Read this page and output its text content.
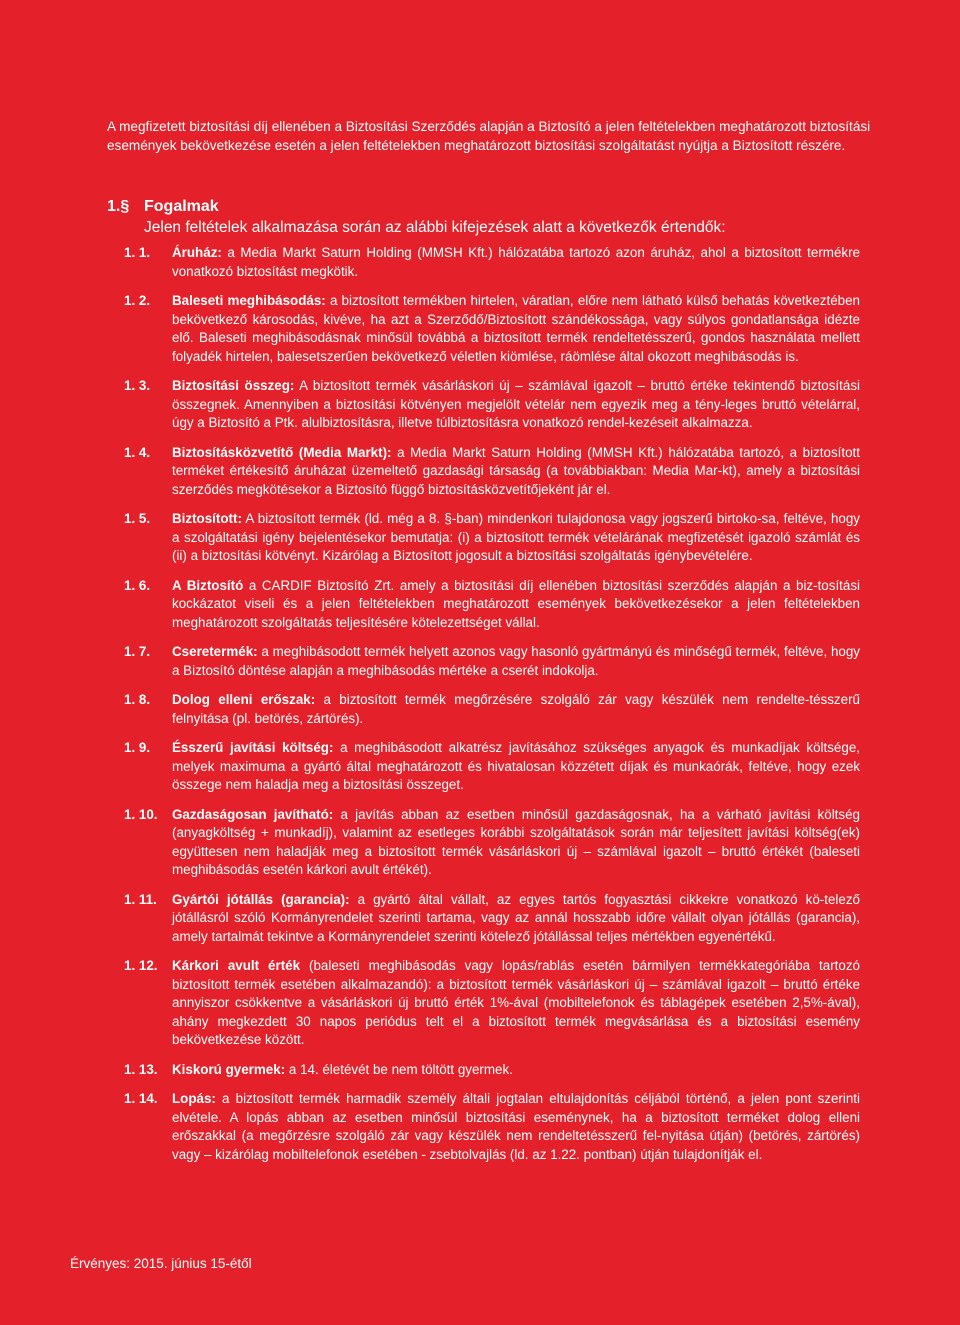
A megfizetett biztosítási díj ellenében a Biztosítási Szerződés alapján a Biztosító a jelen feltételekben meghatározott biztosítási események bekövetkezése esetén a jelen feltételekben meghatározott biztosítási szolgáltatást nyújtja a Biztosított részére.

1.§ Fogalmak
Jelen feltételek alkalmazása során az alábbi kifejezések alatt a következők értendők:
1. 1.	Áruház: a Media Markt Saturn Holding (MMSH Kft.) hálózatába tartozó azon áruház, ahol a biztosított termékre vonatkozó biztosítást megkötik.
1. 2.	Baleseti meghibásodás: a biztosított termékben hirtelen, váratlan, előre nem látható külső behatás következtében bekövetkező károsodás, kivéve, ha azt a Szerződő/Biztosított szándékossága, vagy súlyos gondatlansága idézte elő. Baleseti meghibásodásnak minősül továbbá a biztosított termék rendeltetésszerű, gondos használata mellett folyadék hirtelen, balesetszerűen bekövetkező véletlen kiömlése, ráömlése által okozott meghibásodás is.
1. 3.	Biztosítási összeg: A biztosított termék vásárláskori új – számlával igazolt – bruttó értéke tekintendő biztosítási összegnek. Amennyiben a biztosítási kötvényen megjelölt vételár nem egyezik meg a tény-leges bruttó vételárral, úgy a Biztosító a Ptk. alulbiztosításra, illetve túlbiztosításra vonatkozó rendel-kezéseit alkalmazza.
1. 4.	Biztosításközvetítő (Media Markt): a Media Markt Saturn Holding (MMSH Kft.) hálózatába tartozó, a biztosított terméket értékesítő áruházat üzemeltető gazdasági társaság (a továbbiakban: Media Mar-kt), amely a biztosítási szerződés megkötésekor a Biztosító függő biztosításközvetítőjeként jár el.
1. 5.	Biztosított: A biztosított termék (ld. még a 8. §-ban) mindenkori tulajdonosa vagy jogszerű birtoko-sa, feltéve, hogy a szolgáltatási igény bejelentésekor bemutatja: (i) a biztosított termék vételárának megfizetését igazoló számlát és (ii) a biztosítási kötvényt. Kizárólag a Biztosított jogosult a biztosítási szolgáltatás igénybevételére.
1. 6.	A Biztosító a CARDIF Biztosító Zrt. amely a biztosítási díj ellenében biztosítási szerződés alapján a biz-tosítási kockázatot viseli és a jelen feltételekben meghatározott események bekövetkezésekor a jelen feltételekben meghatározott szolgáltatás teljesítésére kötelezettséget vállal.
1. 7.	Cseretermék: a meghibásodott termék helyett azonos vagy hasonló gyártmányú és minőségű termék, feltéve, hogy a Biztosító döntése alapján a meghibásodás mértéke a cserét indokolja.
1. 8.	Dolog elleni erőszak: a biztosított termék megőrzésére szolgáló zár vagy készülék nem rendelte-tésszerű felnyitása (pl. betörés, zártörés).
1. 9.	Ésszerű javítási költség: a meghibásodott alkatrész javításához szükséges anyagok és munkadíjak költsége, melyek maximuma a gyártó által meghatározott és hivatalosan közzétett díjak és munkaórák, feltéve, hogy ezek összege nem haladja meg a biztosítási összeget.
1. 10.	Gazdaságosan javítható: a javítás abban az esetben minősül gazdaságosnak, ha a várható javítási költség (anyagköltség + munkadíj), valamint az esetleges korábbi szolgáltatások során már teljesített javítási költség(ek) együttesen nem haladják meg a biztosított termék vásárláskori új – számlával igazolt – bruttó értékét (baleseti meghibásodás esetén kárkori avult értékét).
1. 11.	Gyártói jótállás (garancia): a gyártó által vállalt, az egyes tartós fogyasztási cikkekre vonatkozó kö-telező jótállásról szóló Kormányrendelet szerinti tartama, vagy az annál hosszabb időre vállalt olyan jótállás (garancia), amely tartalmát tekintve a Kormányrendelet szerinti kötelező jótállással teljes mértékben egyenértékű.
1. 12.	Kárkori avult érték (baleseti meghibásodás vagy lopás/rablás esetén bármilyen termékkategóriába tartozó biztosított termék esetében alkalmazandó): a biztosított termék vásárláskori új – számlával igazolt – bruttó értéke annyiszor csökkentve a vásárláskori új bruttó érték 1%-ával (mobiltelefonok és táblagépek esetében 2,5%-ával), ahány megkezdett 30 napos periódus telt el a biztosított termék megvásárlása és a biztosítási esemény bekövetkezése között.
1. 13.	Kiskorú gyermek: a 14. életévét be nem töltött gyermek.
1. 14.	Lopás: a biztosított termék harmadik személy általi jogtalan eltulajdonítás céljából történő, a jelen pont szerinti elvétele. A lopás abban az esetben minősül biztosítási eseménynek, ha a biztosított terméket dolog elleni erőszakkal (a megőrzésre szolgáló zár vagy készülék nem rendeltetésszerű fel-nyitása útján) (betörés, zártörés) vagy – kizárólag mobiltelefonok esetében - zsebtolvajlás (ld. az 1.22. pontban) útján tulajdonítják el.
Érvényes: 2015. június 15-étől
